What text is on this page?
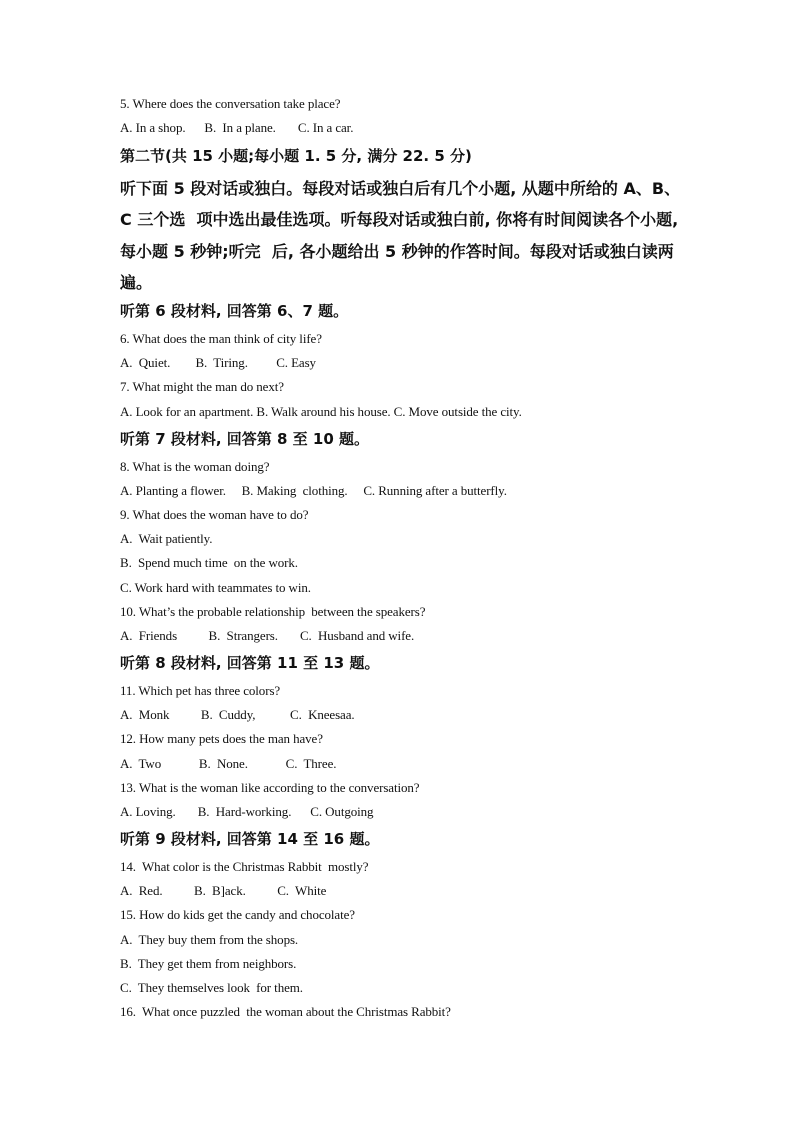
5. Where does the conversation take place?
A. In a shop.      B.  In a plane.       C. In a car.
第二节(共 15 小题;每小题 1. 5 分, 满分 22. 5 分)
听下面 5 段对话或独白。每段对话或独白后有几个小题, 从题中所给的 A、B、
C 三个选  项中选出最佳选项。听每段对话或独白前, 你将有时间阅读各个小题,
每小题 5 秒钟;听完  后, 各小题给出 5 秒钟的作答时间。每段对话或独白读两
遍。
听第 6 段材料, 回答第 6、7 题。
6. What does the man think of city life?
A.  Quiet.        B.  Tiring.         C. Easy
7. What might the man do next?
A. Look for an apartment. B. Walk around his house. C. Move outside the city.
听第 7 段材料, 回答第 8 至 10 题。
8. What is the woman doing?
A. Planting a flower.     B. Making  clothing.     C. Running after a butterfly.
9. What does the woman have to do?
A.  Wait patiently.
B.  Spend much time  on the work.
C. Work hard with teammates to win.
10. What’s the probable relationship  between the speakers?
A.  Friends          B.  Strangers.       C.  Husband and wife.
听第 8 段材料, 回答第 11 至 13 题。
11. Which pet has three colors?
A.  Monk          B.  Cuddy,           C.  Kneesaa.
12. How many pets does the man have?
A.  Two            B.  None.            C.  Three.
13. What is the woman like according to the conversation?
A. Loving.       B.  Hard-working.      C. Outgoing
听第 9 段材料, 回答第 14 至 16 题。
14.  What color is the Christmas Rabbit  mostly?
A.  Red.          B.  B]ack.          C.  White
15. How do kids get the candy and chocolate?
A.  They buy them from the shops.
B.  They get them from neighbors.
C.  They themselves look  for them.
16.  What once puzzled  the woman about the Christmas Rabbit?
